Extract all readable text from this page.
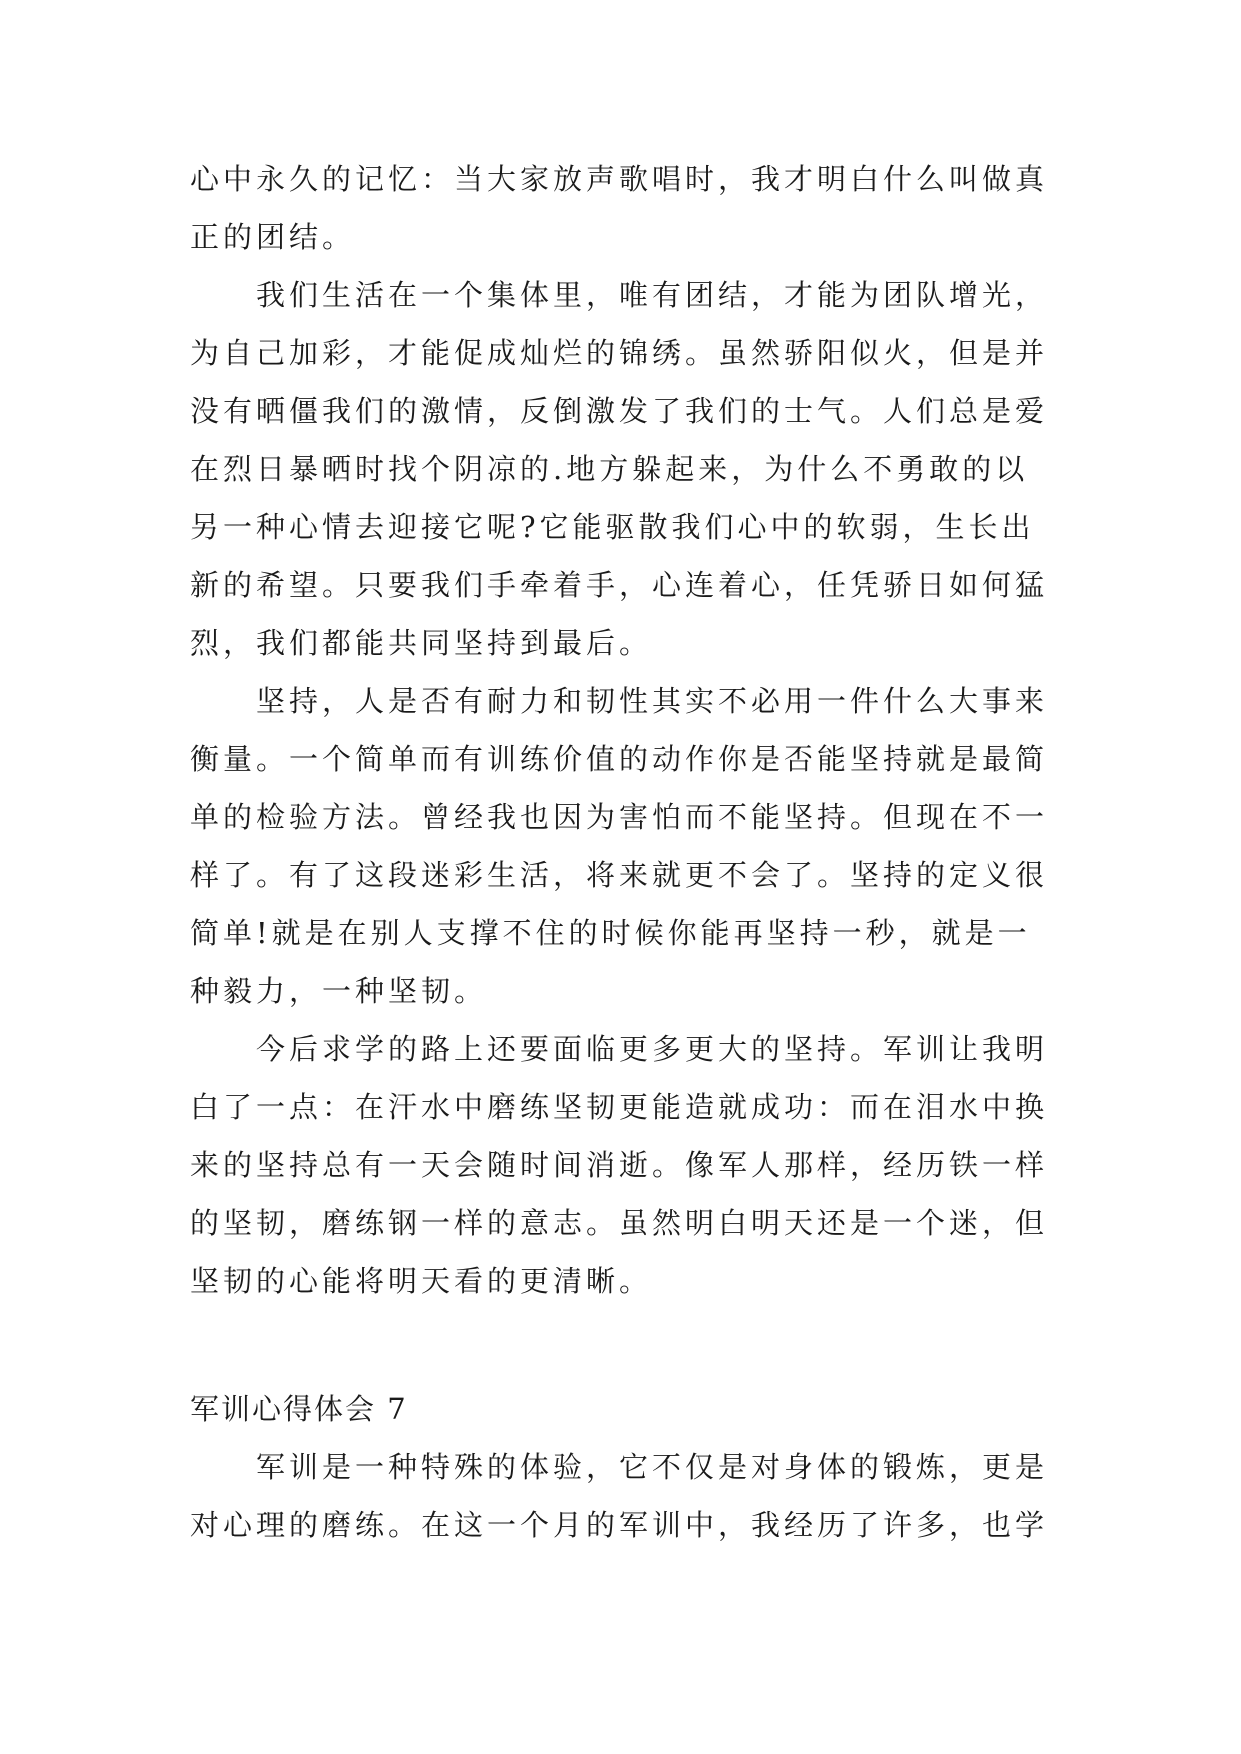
心中永久的记忆：当大家放声歌唱时，我才明白什么叫做真正的团结。

我们生活在一个集体里，唯有团结，才能为团队增光，为自己加彩，才能促成灿烂的锦绣。虽然骄阳似火，但是并没有晒僵我们的激情，反倒激发了我们的士气。人们总是爱在烈日暴晒时找个阴凉的.地方躲起来，为什么不勇敢的以另一种心情去迎接它呢?它能驱散我们心中的软弱，生长出新的希望。只要我们手牵着手，心连着心，任凭骄日如何猛烈，我们都能共同坚持到最后。

坚持，人是否有耐力和韧性其实不必用一件什么大事来衡量。一个简单而有训练价值的动作你是否能坚持就是最简单的检验方法。曾经我也因为害怕而不能坚持。但现在不一样了。有了这段迷彩生活，将来就更不会了。坚持的定义很简单!就是在别人支撑不住的时候你能再坚持一秒，就是一种毅力，一种坚韧。

今后求学的路上还要面临更多更大的坚持。军训让我明白了一点：在汗水中磨练坚韧更能造就成功：而在泪水中换来的坚持总有一天会随时间消逝。像军人那样，经历铁一样的坚韧，磨练钢一样的意志。虽然明白明天还是一个迷，但坚韧的心能将明天看的更清晰。

军训心得体会 7

军训是一种特殊的体验，它不仅是对身体的锻炼，更是对心理的磨练。在这一个月的军训中，我经历了许多，也学
